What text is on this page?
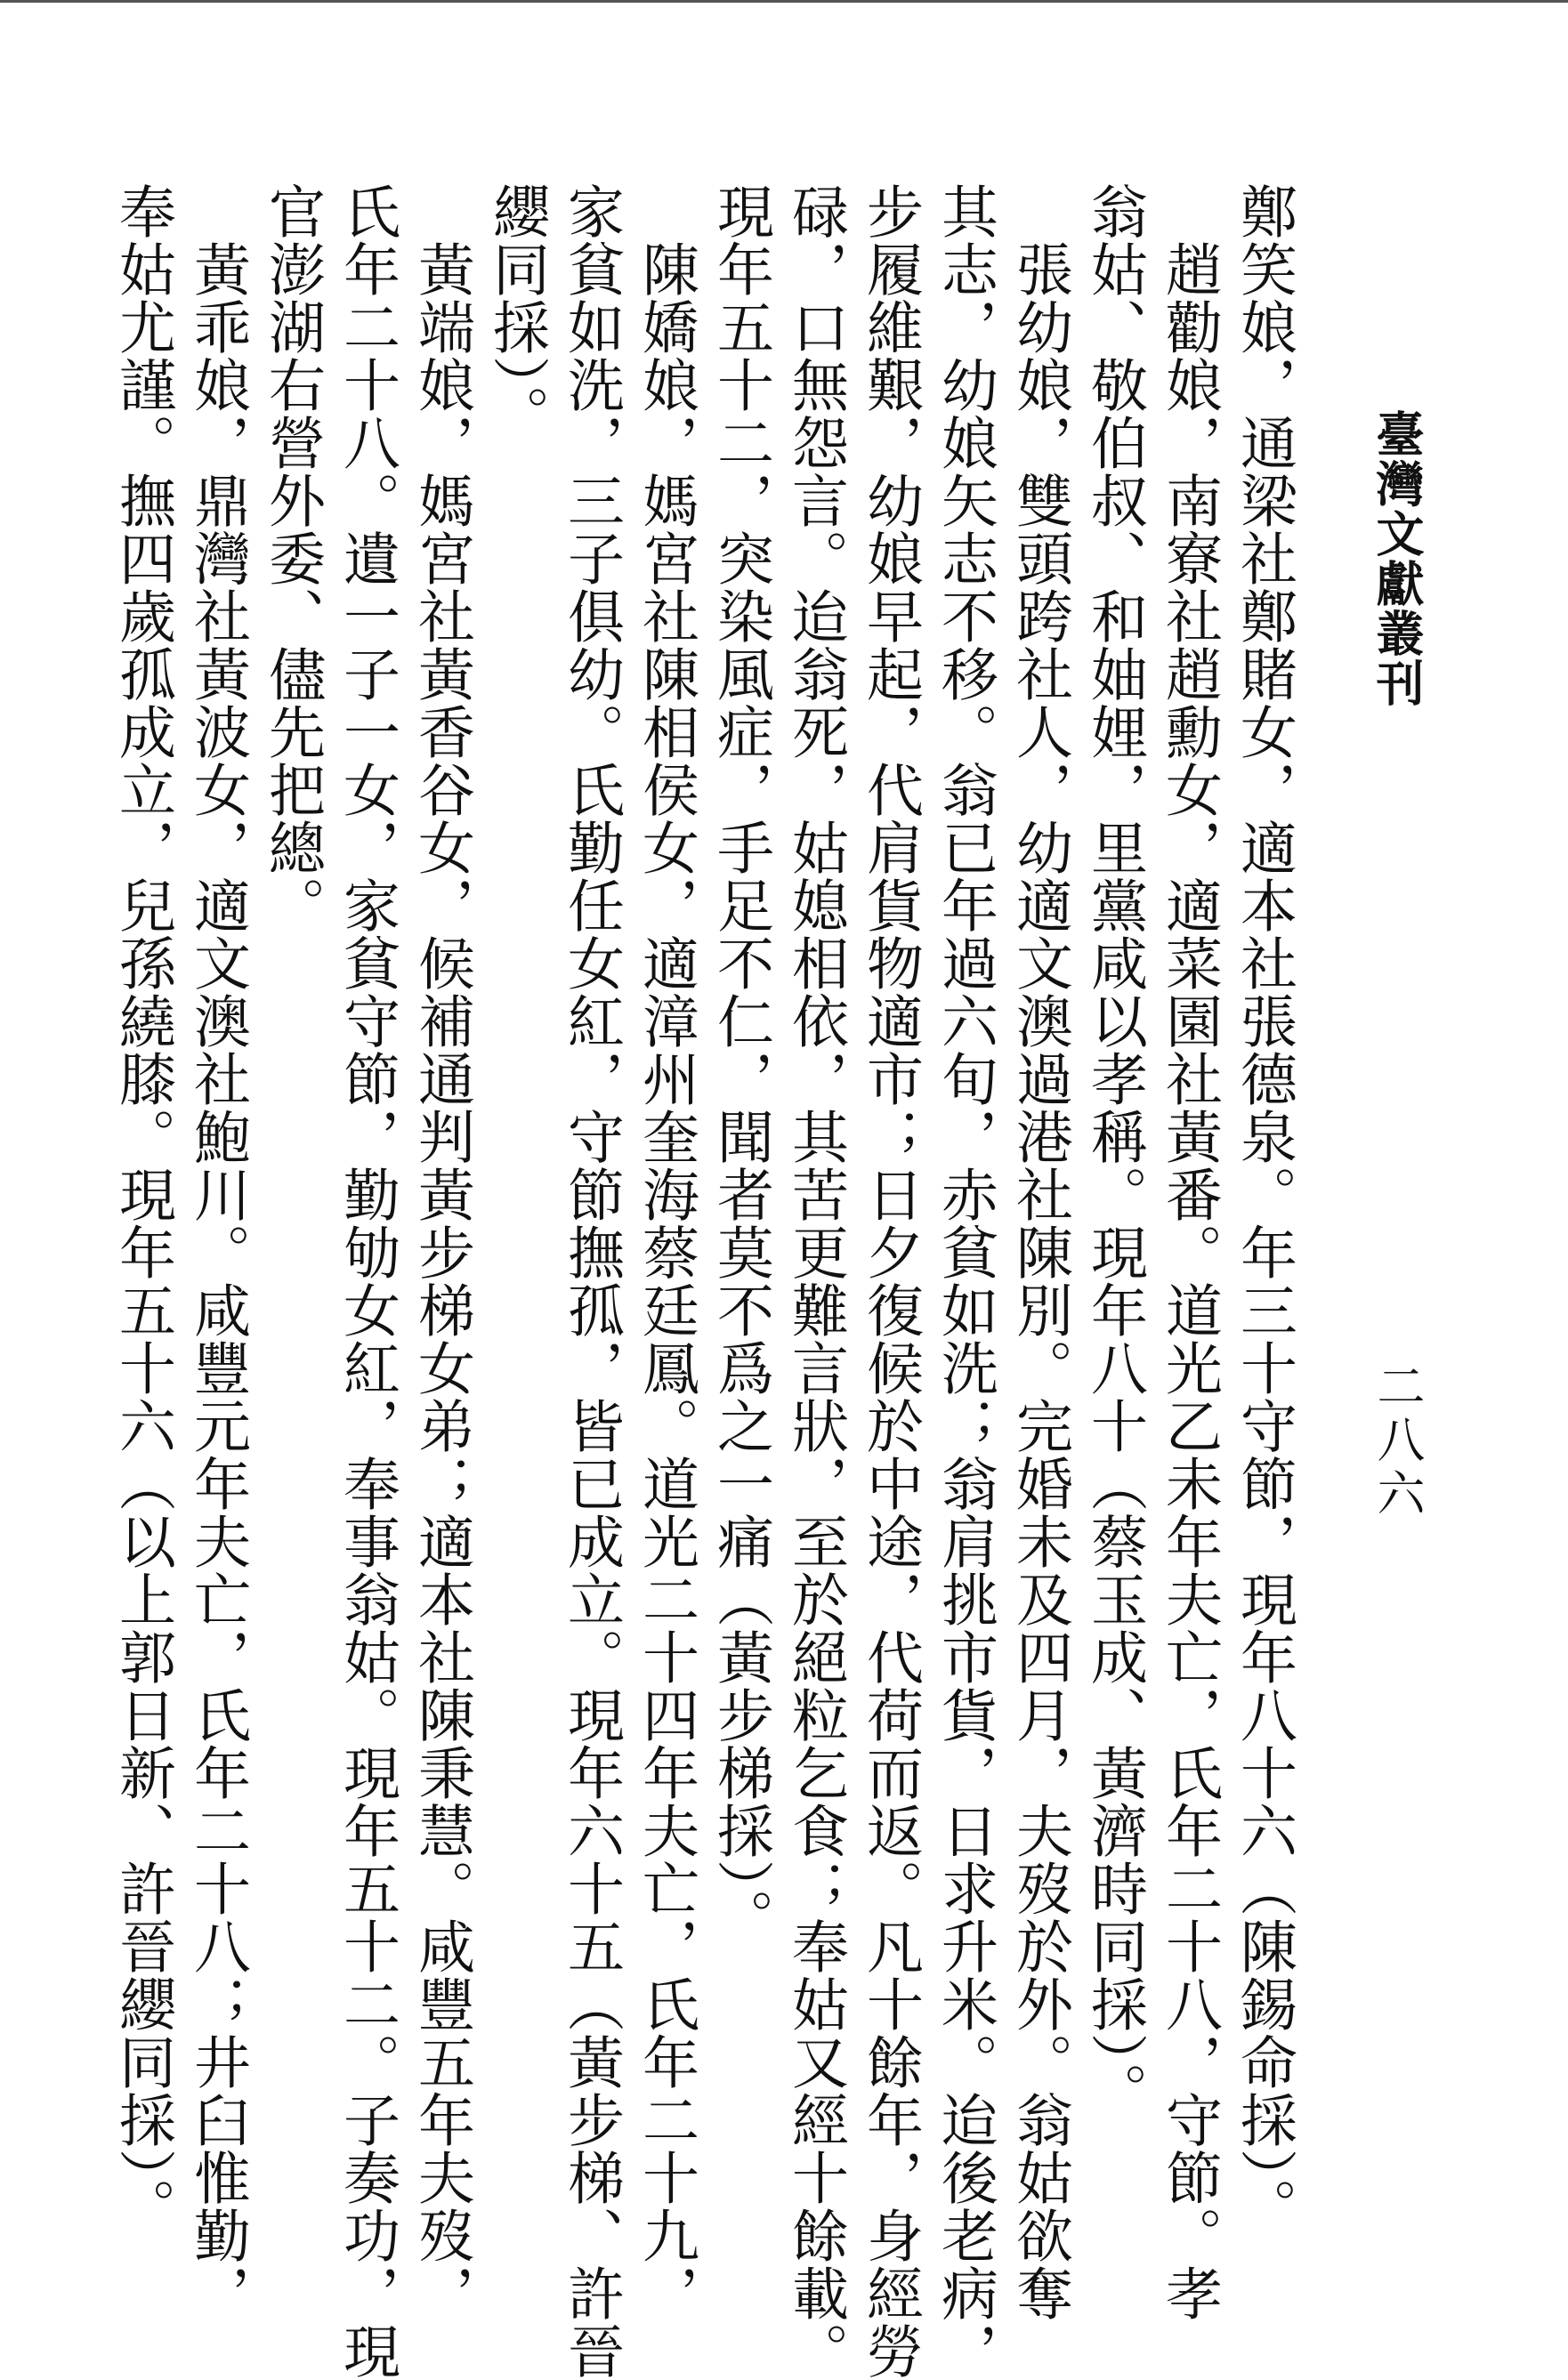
臺灣文獻叢刊
二八六
鄭笑娘，通梁社鄭賭女，適本社張德泉。年三十守節，現年八十六（陳錫命採）。
　趙勸娘，南寮社趙勳女，適菜園社黃番。道光乙未年夫亡，氏年二十八，守節。孝
翁姑、敬伯叔、和妯娌，里黨咸以孝稱。現年八十（蔡玉成、黃濟時同採）。
　張幼娘，雙頭跨社人，幼適文澳過港社陳別。完婚未及四月，夫歿於外。翁姑欲奪
其志，幼娘矢志不移。翁已年過六旬，赤貧如洗；翁肩挑市貨，日求升米。迨後老病，
步履維艱，幼娘早起，代肩貨物適市；日夕復候於中途，代荷而返。凡十餘年，身經勞
碌，口無怨言。迨翁死，姑媳相依，其苦更難言狀，至於絕粒乞食；奉姑又經十餘載。
現年五十二，突染風症，手足不仁，聞者莫不爲之一痛（黃步梯採）。
　陳嬌娘，媽宮社陳相侯女，適漳州奎海蔡廷鳳。道光二十四年夫亡，氏年二十九，
家貧如洗，三子俱幼。氏勤任女紅，守節撫孤，皆已成立。現年六十五（黃步梯、許晉
纓同採）。
　黃端娘，媽宮社黃香谷女，候補通判黃步梯女弟；適本社陳秉慧。咸豐五年夫歿，
氏年二十八。遺一子一女，家貧守節，勤劬女紅，奉事翁姑。現年五十二。子奏功，現
官澎湖右營外委、儘先把總。
　黃乖娘，鼎灣社黃波女，適文澳社鮑川。咸豐元年夫亡，氏年二十八；井臼惟勤，
奉姑尤謹。撫四歲孤成立，兒孫繞膝。現年五十六（以上郭日新、許晉纓同採）。
